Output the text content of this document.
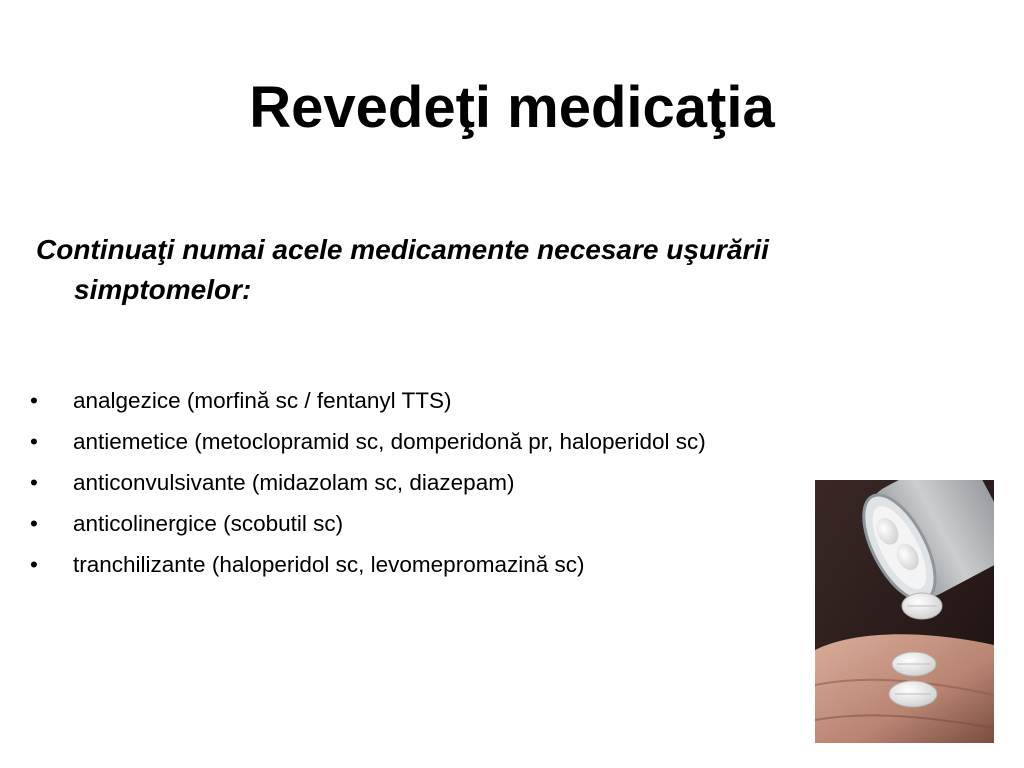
Revedeţi medicaţia

Continuaţi numai acele medicamente necesare uşurării simptomelor:

•	analgezice (morfină sc / fentanyl TTS)
•	antiemetice (metoclopramid sc, domperidonă pr, haloperidol sc)
•	anticonvulsivante (midazolam sc, diazepam)
•	anticolinergice (scobutil sc)
•	tranchilizante (haloperidol sc, levomepromazină sc)
